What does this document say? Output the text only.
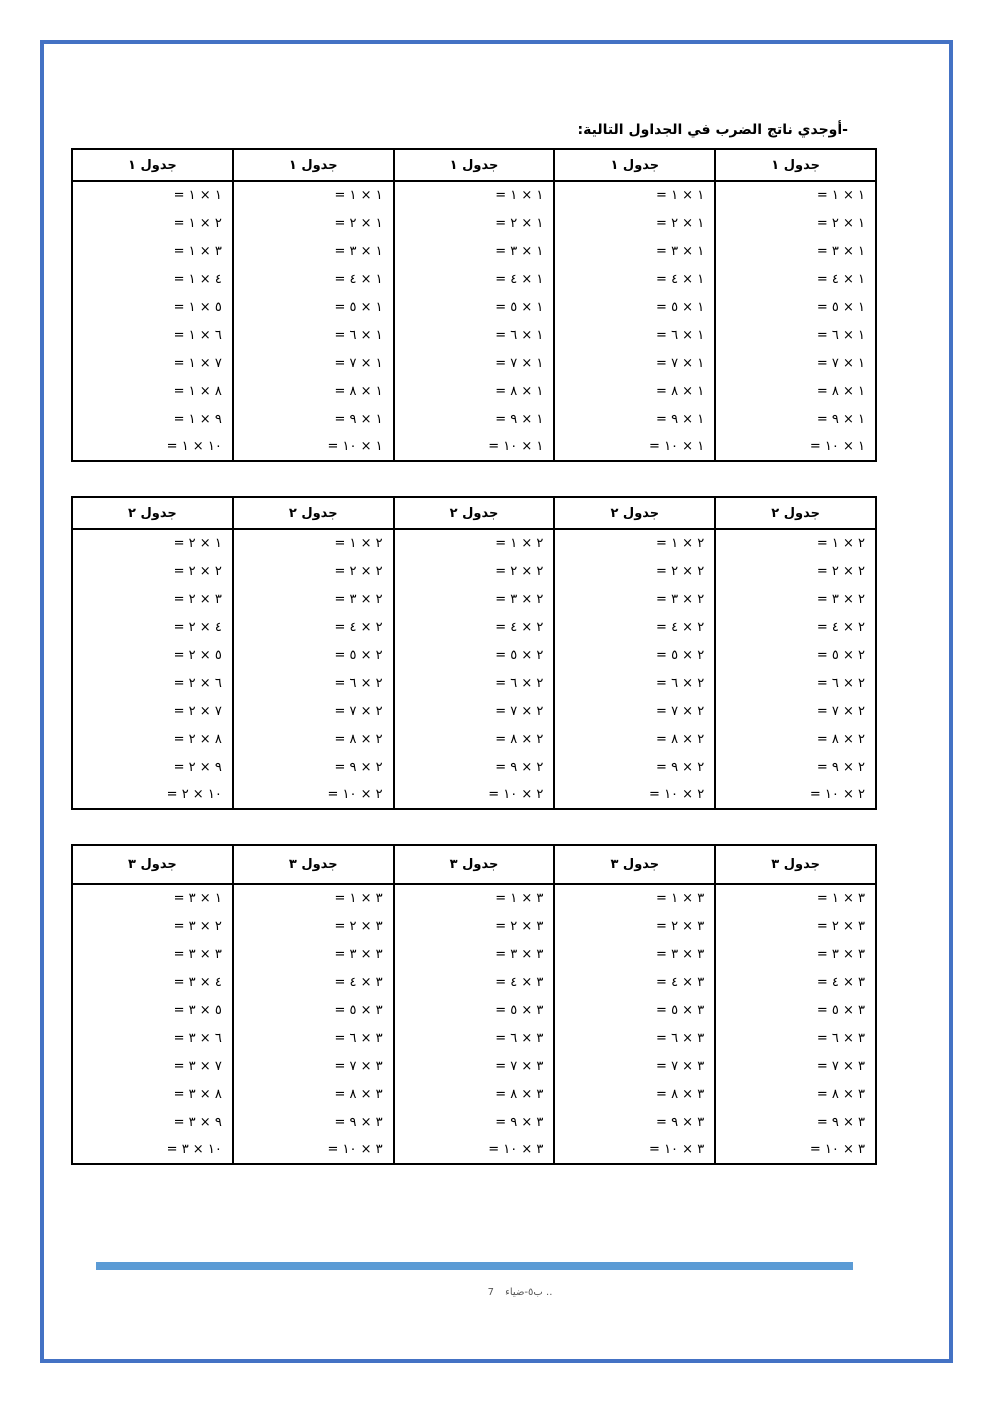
-أوجدي ناتج الضرب في الجداول التالية:
جدول ١	جدول ١	جدول ١	جدول ١	جدول ١
١ × ١ =	١ × ١ =	١ × ١ =	١ × ١ =	١ × ١ =
١ × ٢ =	١ × ٢ =	١ × ٢ =	١ × ٢ =	٢ × ١ =
١ × ٣ =	١ × ٣ =	١ × ٣ =	١ × ٣ =	٣ × ١ =
١ × ٤ =	١ × ٤ =	١ × ٤ =	١ × ٤ =	٤ × ١ =
١ × ٥ =	١ × ٥ =	١ × ٥ =	١ × ٥ =	٥ × ١ =
١ × ٦ =	١ × ٦ =	١ × ٦ =	١ × ٦ =	٦ × ١ =
١ × ٧ =	١ × ٧ =	١ × ٧ =	١ × ٧ =	٧ × ١ =
١ × ٨ =	١ × ٨ =	١ × ٨ =	١ × ٨ =	٨ × ١ =
١ × ٩ =	١ × ٩ =	١ × ٩ =	١ × ٩ =	٩ × ١ =
١ × ١٠ =	١ × ١٠ =	١ × ١٠ =	١ × ١٠ =	١٠ × ١ =
جدول ٢	جدول ٢	جدول ٢	جدول ٢	جدول ٢
٢ × ١ =	٢ × ١ =	٢ × ١ =	٢ × ١ =	١ × ٢ =
٢ × ٢ =	٢ × ٢ =	٢ × ٢ =	٢ × ٢ =	٢ × ٢ =
٢ × ٣ =	٢ × ٣ =	٢ × ٣ =	٢ × ٣ =	٣ × ٢ =
٢ × ٤ =	٢ × ٤ =	٢ × ٤ =	٢ × ٤ =	٤ × ٢ =
٢ × ٥ =	٢ × ٥ =	٢ × ٥ =	٢ × ٥ =	٥ × ٢ =
٢ × ٦ =	٢ × ٦ =	٢ × ٦ =	٢ × ٦ =	٦ × ٢ =
٢ × ٧ =	٢ × ٧ =	٢ × ٧ =	٢ × ٧ =	٧ × ٢ =
٢ × ٨ =	٢ × ٨ =	٢ × ٨ =	٢ × ٨ =	٨ × ٢ =
٢ × ٩ =	٢ × ٩ =	٢ × ٩ =	٢ × ٩ =	٩ × ٢ =
٢ × ١٠ =	٢ × ١٠ =	٢ × ١٠ =	٢ × ١٠ =	١٠ × ٢ =
جدول ٣	جدول ٣	جدول ٣	جدول ٣	جدول ٣
٣ × ١ =	٣ × ١ =	٣ × ١ =	٣ × ١ =	١ × ٣ =
٣ × ٢ =	٣ × ٢ =	٣ × ٢ =	٣ × ٢ =	٢ × ٣ =
٣ × ٣ =	٣ × ٣ =	٣ × ٣ =	٣ × ٣ =	٣ × ٣ =
٣ × ٤ =	٣ × ٤ =	٣ × ٤ =	٣ × ٤ =	٤ × ٣ =
٣ × ٥ =	٣ × ٥ =	٣ × ٥ =	٣ × ٥ =	٥ × ٣ =
٣ × ٦ =	٣ × ٦ =	٣ × ٦ =	٣ × ٦ =	٦ × ٣ =
٣ × ٧ =	٣ × ٧ =	٣ × ٧ =	٣ × ٧ =	٧ × ٣ =
٣ × ٨ =	٣ × ٨ =	٣ × ٨ =	٣ × ٨ =	٨ × ٣ =
٣ × ٩ =	٣ × ٩ =	٣ × ٩ =	٣ × ٩ =	٩ × ٣ =
٣ × ١٠ =	٣ × ١٠ =	٣ × ١٠ =	٣ × ١٠ =	١٠ × ٣ =
7 ب٥-ضياء ..
